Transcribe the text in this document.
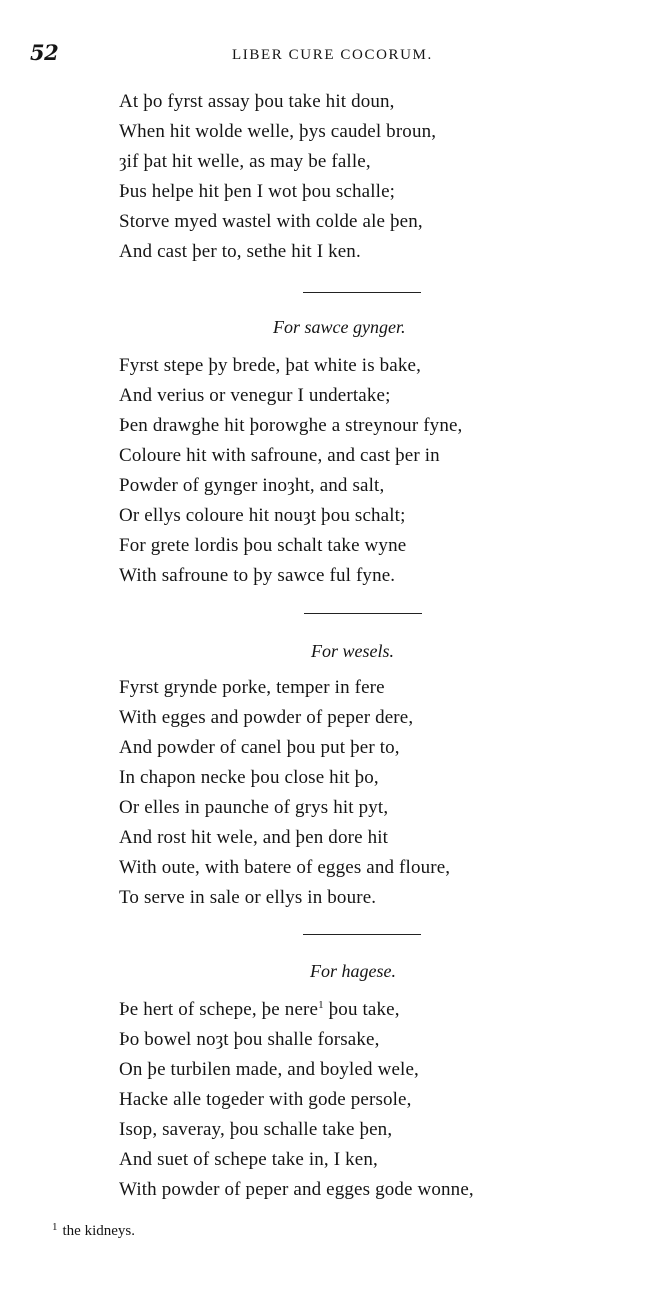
52	LIBER CURE COCORUM.
At þo fyrst assay þou take hit doun,
When hit wolde welle, þys caudel broun,
ȝif þat hit welle, as may be falle,
Þus helpe hit þen I wot þou schalle;
Storve myed wastel with colde ale þen,
And cast þer to, sethe hit I ken.
For sawce gynger.
Fyrst stepe þy brede, þat white is bake,
And verius or venegur I undertake;
Þen drawghe hit þorowghe a streynour fyne,
Coloure hit with safroune, and cast þer in
Powder of gynger inoȝht, and salt,
Or ellys coloure hit nouȝt þou schalt;
For grete lordis þou schalt take wyne
With safroune to þy sawce ful fyne.
For wesels.
Fyrst grynde porke, temper in fere
With egges and powder of peper dere,
And powder of canel þou put þer to,
In chapon necke þou close hit þo,
Or elles in paunche of grys hit pyt,
And rost hit wele, and þen dore hit
With oute, with batere of egges and floure,
To serve in sale or ellys in boure.
For hagese.
Þe hert of schepe, þe nere$^1$ þou take,
Þo bowel noȝt þou shalle forsake,
On þe turbilen made, and boyled wele,
Hacke alle togeder with gode persole,
Isop, saveray, þou schalle take þen,
And suet of schepe take in, I ken,
With powder of peper and egges gode wonne,
$^1$ the kidneys.
